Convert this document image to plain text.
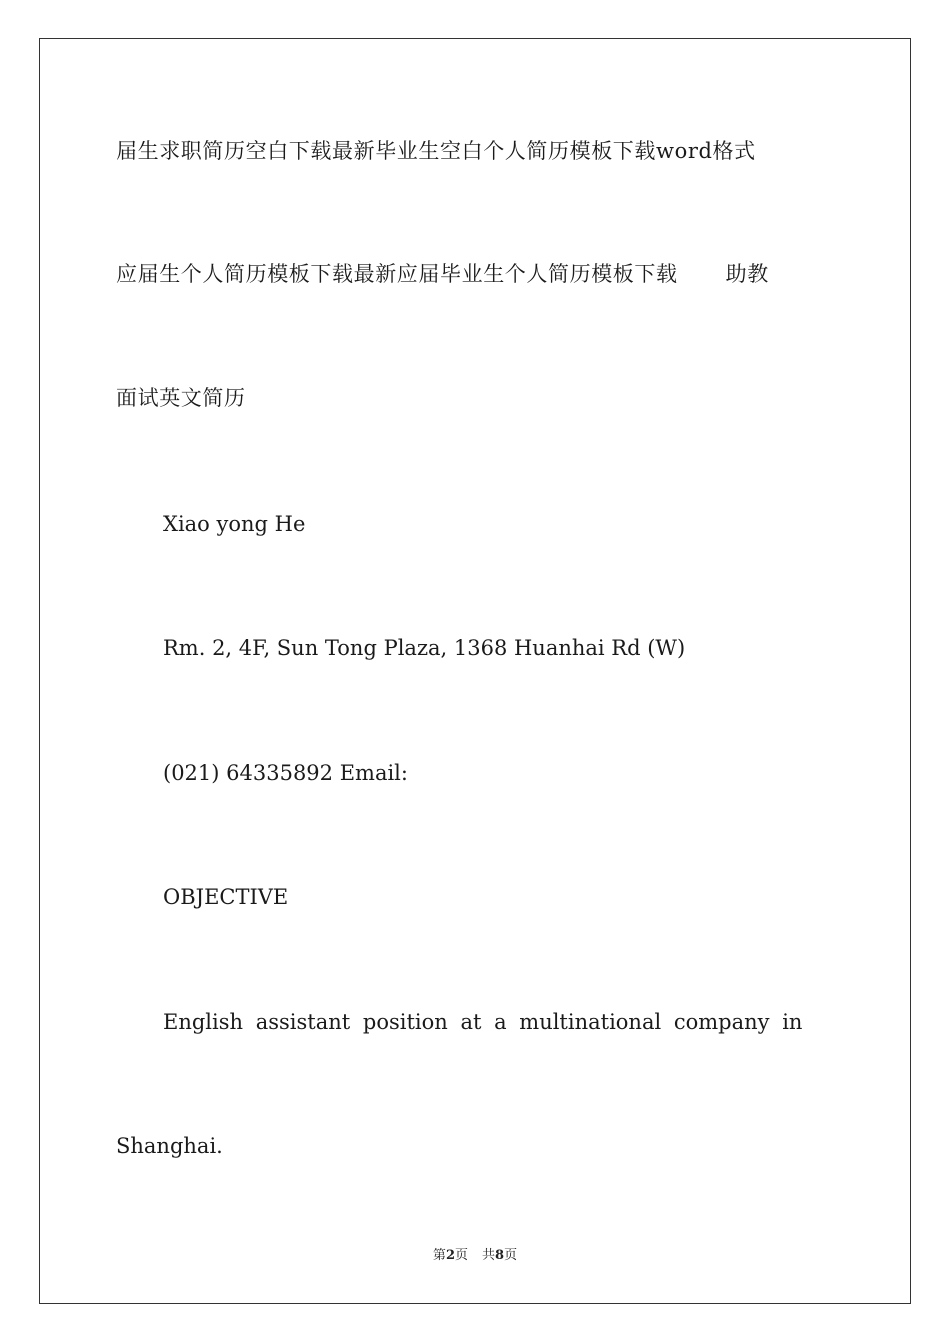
届生求职简历空白下载最新毕业生空白个人简历模板下载word格式
应届生个人简历模板下载最新应届毕业生个人简历模板下载 助教
面试英文简历
Xiao yong He
Rm. 2, 4F, Sun Tong Plaza, 1368 Huanhai Rd (W)
(021) 64335892 Email:
OBJECTIVE
English assistant position at a multinational company in
Shanghai.
第2页 共8页
